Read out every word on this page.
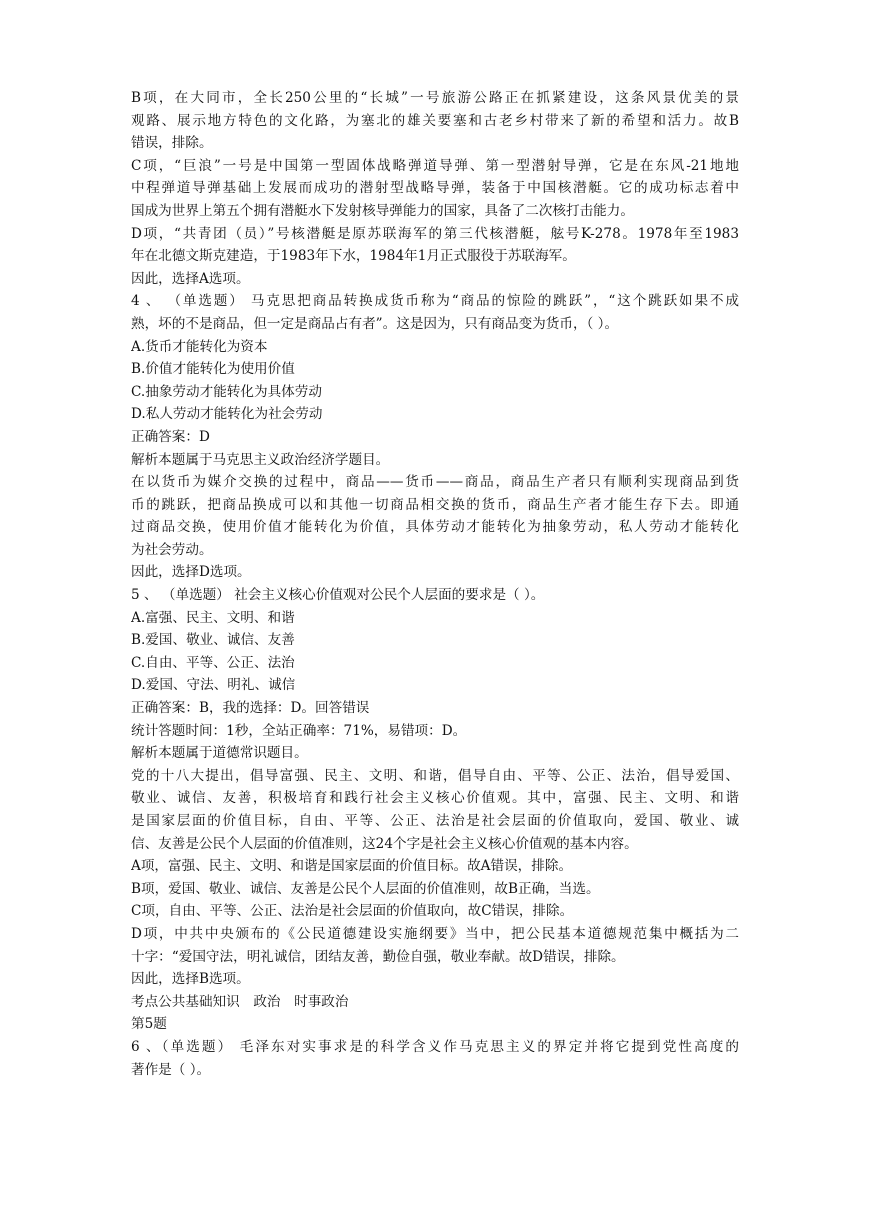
B项，在大同市，全长250公里的“长城”一号旅游公路正在抓紧建设，这条风景优美的景
观路、展示地方特色的文化路，为塞北的雄关要塞和古老乡村带来了新的希望和活力。故B
错误，排除。
C项，“巨浪”一号是中国第一型固体战略弹道导弹、第一型潜射导弹，它是在东风-21地地
中程弹道导弹基础上发展而成功的潜射型战略导弹，装备于中国核潜艇。它的成功标志着中
国成为世界上第五个拥有潜艇水下发射核导弹能力的国家，具备了二次核打击能力。
D项，“共青团（员）”号核潜艇是原苏联海军的第三代核潜艇，舷号K-278。1978年至1983
年在北德文斯克建造，于1983年下水，1984年1月正式服役于苏联海军。
因此，选择A选项。
4 、 （单选题） 马克思把商品转换成货币称为“商品的惊险的跳跃”，“这个跳跃如果不成
熟，坏的不是商品，但一定是商品占有者”。这是因为，只有商品变为货币，（ ）。
A.货币才能转化为资本
B.价值才能转化为使用价值
C.抽象劳动才能转化为具体劳动
D.私人劳动才能转化为社会劳动
正确答案：D
解析本题属于马克思主义政治经济学题目。
在以货币为媒介交换的过程中，商品——货币——商品，商品生产者只有顺利实现商品到货
币的跳跃，把商品换成可以和其他一切商品相交换的货币，商品生产者才能生存下去。即通
过商品交换，使用价值才能转化为价值，具体劳动才能转化为抽象劳动，私人劳动才能转化
为社会劳动。
因此，选择D选项。
5 、 （单选题） 社会主义核心价值观对公民个人层面的要求是（ ）。
A.富强、民主、文明、和谐
B.爱国、敬业、诚信、友善
C.自由、平等、公正、法治
D.爱国、守法、明礼、诚信
正确答案：B，我的选择：D。回答错误
统计答题时间：1秒，全站正确率：71%，易错项：D。
解析本题属于道德常识题目。
党的十八大提出，倡导富强、民主、文明、和谐，倡导自由、平等、公正、法治，倡导爱国、
敬业、诚信、友善，积极培育和践行社会主义核心价值观。其中，富强、民主、文明、和谐
是国家层面的价值目标，自由、平等、公正、法治是社会层面的价值取向，爱国、敬业、诚
信、友善是公民个人层面的价值准则，这24个字是社会主义核心价值观的基本内容。
A项，富强、民主、文明、和谐是国家层面的价值目标。故A错误，排除。
B项，爱国、敬业、诚信、友善是公民个人层面的价值准则，故B正确，当选。
C项，自由、平等、公正、法治是社会层面的价值取向，故C错误，排除。
D项，中共中央颁布的《公民道德建设实施纲要》当中，把公民基本道德规范集中概括为二
十字：“爱国守法，明礼诚信，团结友善，勤俭自强，敬业奉献。故D错误，排除。
因此，选择B选项。
考点公共基础知识　政治　时事政治
第5题
6 、（单选题） 毛泽东对实事求是的科学含义作马克思主义的界定并将它提到党性高度的
著作是（ ）。
